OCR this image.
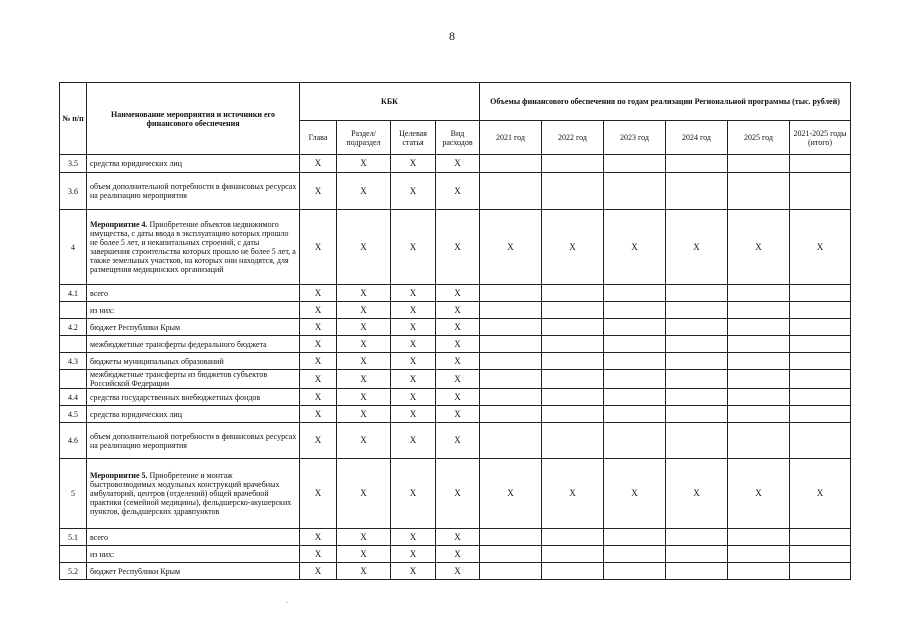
8
№ п/п	Наименование мероприятия и источники его финансового обеспечения	КБК				Объемы финансового обеспечения по годам реализации Региональной программы (тыс. рублей)					
		Глава	Раздел/ подраздел	Целевая статья	Вид расходов	2021 год	2022 год	2023 год	2024 год	2025 год	2021-2025 годы (итого)
3.5	средства юридических лиц	Х	Х	Х	Х						
3.6	объем дополнительной потребности в финансовых ресурсах на реализацию мероприятия	Х	Х	Х	Х						
4	Мероприятие 4. Приобретение объектов недвижимого имущества, с даты ввода в эксплуатацию которых прошло не более 5 лет, и некапитальных строений, с даты завершения строительства которых прошло не более 5 лет, а также земельных участков, на которых они находятся, для размещения медицинских организаций	Х	Х	Х	Х	Х	Х	Х	Х	Х	Х
4.1	всего	Х	Х	Х	Х						
	из них:	Х	Х	Х	Х						
4.2	бюджет Республики Крым	Х	Х	Х	Х						
	межбюджетные трансферты федерального бюджета	Х	Х	Х	Х						
4.3	бюджеты муниципальных образований	Х	Х	Х	Х						
	межбюджетные трансферты из бюджетов субъектов Российской Федерации	Х	Х	Х	Х						
4.4	средства государственных внебюджетных фондов	Х	Х	Х	Х						
4.5	средства юридических лиц	Х	Х	Х	Х						
4.6	объем дополнительной потребности в финансовых ресурсах на реализацию мероприятия	Х	Х	Х	Х						
5	Мероприятие 5. Приобретение и монтаж быстровозводимых модульных конструкций врачебных амбулаторий, центров (отделений) общей врачебной практики (семейной медицины), фельдшерско-акушерских пунктов, фельдшерских здравпунктов	Х	Х	Х	Х	Х	Х	Х	Х	Х	Х
5.1	всего	Х	Х	Х	Х						
	из них:	Х	Х	Х	Х						
5.2	бюджет Республики Крым	Х	Х	Х	Х						
.
